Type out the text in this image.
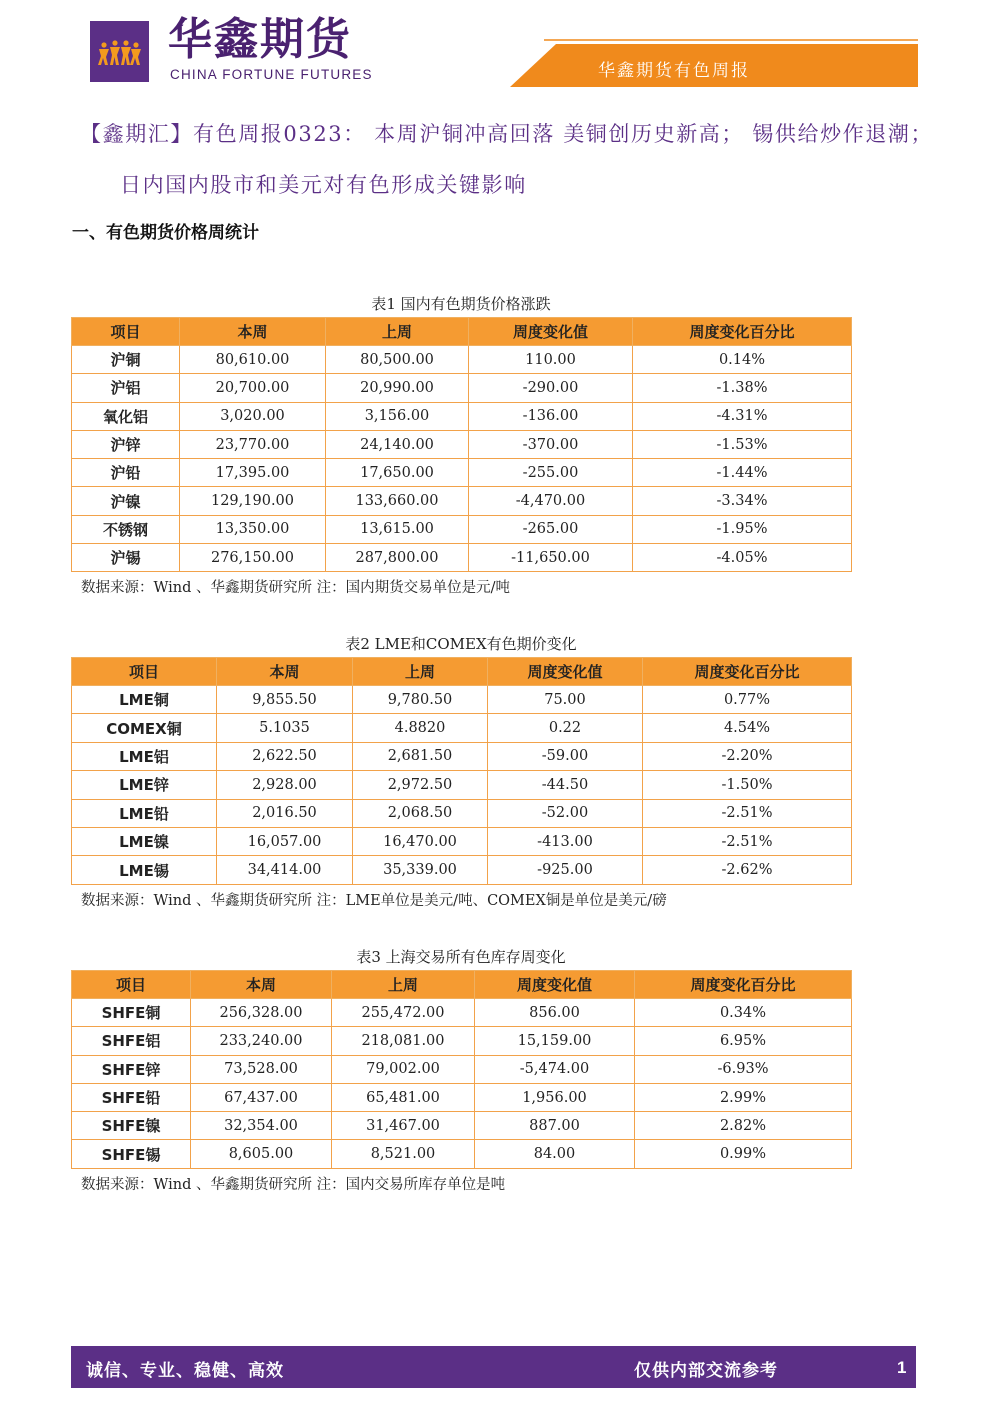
华鑫期货
CHINA FORTUNE FUTURES	华鑫期货有色周报
【鑫期汇】有色周报0323： 本周沪铜冲高回落 美铜创历史新高； 锡供给炒作退潮；
日内国内股市和美元对有色形成关键影响
一、有色期货价格周统计
表1 国内有色期货价格涨跌
项目	本周	上周	周度变化值	周度变化百分比
沪铜	80,610.00	80,500.00	110.00	0.14%
沪铝	20,700.00	20,990.00	-290.00	-1.38%
氧化铝	3,020.00	3,156.00	-136.00	-4.31%
沪锌	23,770.00	24,140.00	-370.00	-1.53%
沪铅	17,395.00	17,650.00	-255.00	-1.44%
沪镍	129,190.00	133,660.00	-4,470.00	-3.34%
不锈钢	13,350.00	13,615.00	-265.00	-1.95%
沪锡	276,150.00	287,800.00	-11,650.00	-4.05%
数据来源：Wind 、华鑫期货研究所 注：国内期货交易单位是元/吨
表2 LME和COMEX有色期价变化
项目	本周	上周	周度变化值	周度变化百分比
LME铜	9,855.50	9,780.50	75.00	0.77%
COMEX铜	5.1035	4.8820	0.22	4.54%
LME铝	2,622.50	2,681.50	-59.00	-2.20%
LME锌	2,928.00	2,972.50	-44.50	-1.50%
LME铅	2,016.50	2,068.50	-52.00	-2.51%
LME镍	16,057.00	16,470.00	-413.00	-2.51%
LME锡	34,414.00	35,339.00	-925.00	-2.62%
数据来源：Wind 、华鑫期货研究所 注：LME单位是美元/吨、COMEX铜是单位是美元/磅
表3 上海交易所有色库存周变化
项目	本周	上周	周度变化值	周度变化百分比
SHFE铜	256,328.00	255,472.00	856.00	0.34%
SHFE铝	233,240.00	218,081.00	15,159.00	6.95%
SHFE锌	73,528.00	79,002.00	-5,474.00	-6.93%
SHFE铅	67,437.00	65,481.00	1,956.00	2.99%
SHFE镍	32,354.00	31,467.00	887.00	2.82%
SHFE锡	8,605.00	8,521.00	84.00	0.99%
数据来源：Wind 、华鑫期货研究所 注：国内交易所库存单位是吨
诚信、专业、稳健、高效	仅供内部交流参考	1
